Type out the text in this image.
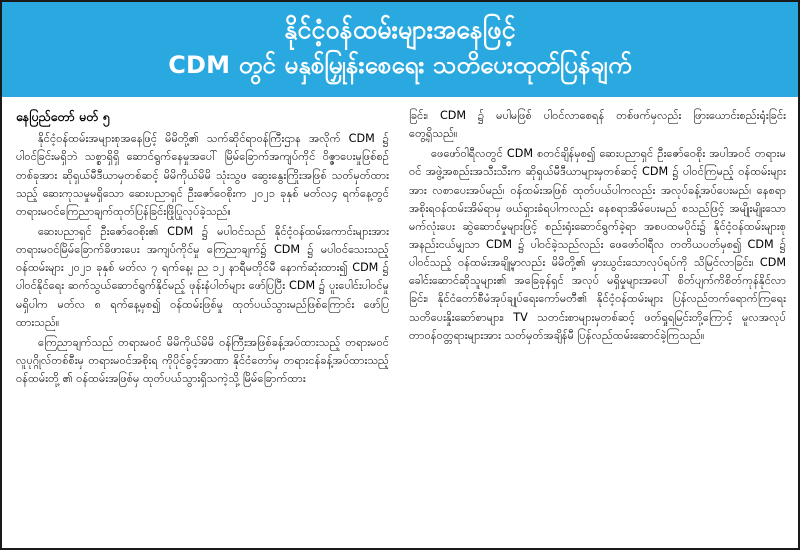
နိုင်ငံ့ဝန်ထမ်းများအနေဖြင့်
CDM တွင် မနှစ်မြှုန်းစေရေး သတိပေးထုတ်ပြန်ချက်
နေပြည်တော် မတ် ၅

နိုင်ငံ့ဝန်ထမ်းအများစုအနေဖြင့် မိမိတို့၏ သက်ဆိုင်ရာဝန်ကြီးဌာန အလိုက် CDM ၌ ပါဝင်ခြင်းမရှိဘဲ သစ္စာရှိရှိ ဆောင်ရွက်နေမှုအပေါ် မြိမ်ခြောက်အကျပ်ကိုင် ဝိဇ္ဇာပေးမှုဖြစ်စဉ်တစ်ခုအား ဆိုရှယ်မီဒီယာမှတစ်ဆင့် မိမိကိုယ်မိမိ သုံးသွဖ ဆွေးနွေးကြိုးအဖြစ် သတ်မှတ်ထားသည့် ဆေးကုသမှုမရှိသော ဆေးပညာရှင် ဦးဇော်ဝေစိုးက ၂၀၂၁ ခုနှစ် မတ်လ၄ ရက်နေ့တွင် တရားမဝင်ကြေညာချက်ထုတ်ပြန်ခြင်းဖြိုပြုလုပ်ခဲ့သည်။

ဆေးပညာရှင် ဦးဇော်ဝေစိုး၏ CDM ၌ မပါဝင်သည် နိုင်ငံ့ဝန်ထမ်းကောင်းများအား တရားမဝင်မြိမ်ခြောက်ခိဖားပေး အကျပ်ကိုင်မှု ကြေညာချက်၌ CDM ၌ မပါဝင်သေးသည့် ဝန်ထမ်းများ ၂၀၂၁ ခုနှစ် မတ်လ ၇ ရက်နေ့၊ ည ၁၂ နာရီမတိုင်မီ နောက်ဆုံးထား၍ CDM ၌ ပါဝင်နိုင်ရေး ဆက်သွယ်ဆောင်ရွက်နိုင်မည့် ဖုန်းနံပါတ်များ ဖော်ပြပြီး CDM ၌ ပူးပေါင်းပါဝင်မှုမရှိပါက မတ်လ ၈ ရက်နေ့မှစ၍ ဝန်ထမ်းဖြစ်မှု ထုတ်ပယ်သွားမည်ဖြစ်ကြောင်း ဖော်ပြထားသည်။

ကြေညာချက်သည် တရားမဝင် မိမိကိုယ်မိမိ ဝန်ကြီးအဖြစ်ခန့်အပ်ထားသည့် တရားမဝင် လူပုဂ္ဂိုလ်တစ်စီးမှ တရားမဝင်အစိုးရ ကိုပိုင်ခွင့်အာဏာ နိုင်ငံတော်မှ တရားငန်ခန့်အပ်ထားသည့် ဝန်ထမ်းတို့ ၏ ဝန်ထမ်းအဖြစ်မှ ထုတ်ပယ်သွားရှိသကဲ့သို့ မြိမ်ခြောက်ထား

ခြင်း၊ CDM ၌ မပါမဖြစ် ပါဝင်လာစေရန် တစ်ဖက်မှလည်း ဖြားယောင်းစည်းရုံးခြင်း တွေ့ရှိသည်။

ဖေဖော်ဝါရီလတွင် CDM စတင်ချိန်မှစ၍ ဆေးပညာရှင် ဦးဇော်ဝေစိုး အပါအဝင် တရားမဝင် အဖွဲ့အစည်းအသီးသီးက ဆိုရှယ်မီဒီယာများမှတစ်ဆင့် CDM ၌ ပါဝင်ကြမည့် ဝန်ထမ်းများအား လစာပေးအပ်မည်၊ ဝန်ထမ်းအဖြစ် ထုတ်ပယ်ပါကလည်း အလုပ်ခန့်အပ်ပေးမည်၊ နေစရာအစိုးရဝန်ထမ်းအိမ်ရာမှ ဖယ်ရှားခံရပါကလည်း နေစရာအိမ်ပေးမည် စသည်ဖြင့် အမျိုးမျိုးသော မက်လုံးပေး ဆွဲဆောင်မှုများဖြင့် စည်းရုံးဆောင်ရွက်ခဲ့ရာ အစပထမပိုင်း၌ နိုင်ငံ့ဝန်ထမ်းများစု အနည်းငယ်မျှသာ CDM ၌ ပါဝင်ခဲ့သည်လည်း ဖေဖော်ဝါရီလ တတိယပတ်မှစ၍ CDM ၌ ပါဝင်သည့် ဝန်ထမ်းအချို့မှာလည်း မိမိတို့၏ မှားယွင်းသောလုပ်ရပ်ကို သိမြင်လာခြင်း၊ CDM ခေါင်းဆောင်ဆိုသူများ၏ အခြေခုန်ရှင် အလုပ် မရှိမှုများအပေါ် စိတ်ပျက်ကိစိတ်ကုန်နိုင်လာခြင်း၊ နိုင်ငံတော်စီမံအုပ်ချုပ်ရေးကော်မတီ၏ နိုင်ငံ့ဝန်ထမ်းများ ပြန်လည်တက်ရောက်ကြရေး သတိပေးနှိုးဆော်စာများ၊ TV သတင်းစာများမှတစ်ဆင့် ဖတ်ရှုရမြင်းတို့ကြောင့် မူလအလုပ် တာဝန်ဝတ္တရားများအား သတ်မှတ်အချိန်မီ ပြန်လည်ထမ်းဆောင်ခဲ့ကြသည်။
